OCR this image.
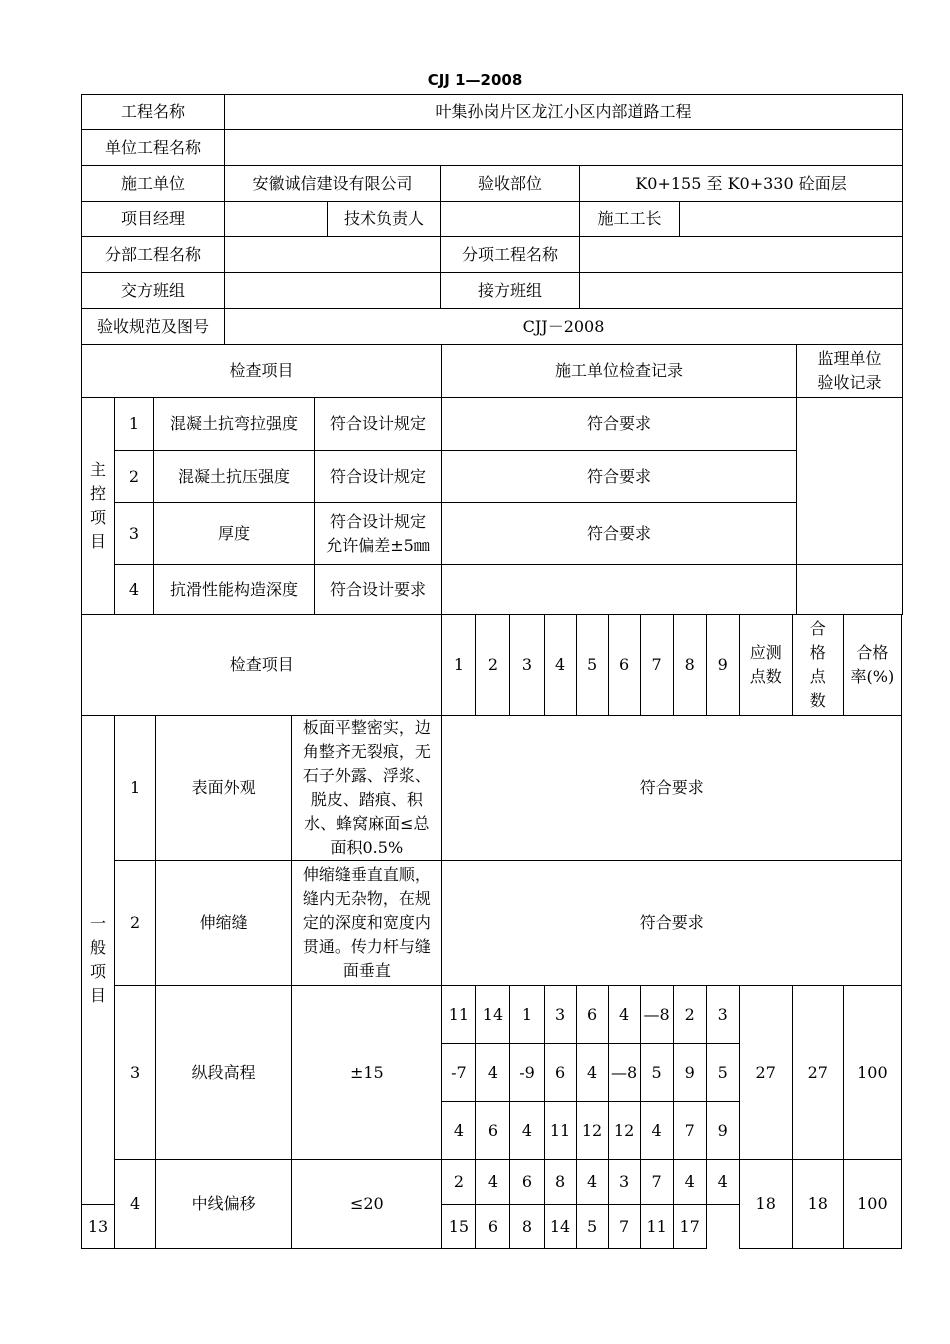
CJJ 1—2008
工程名称	叶集孙岗片区龙江小区内部道路工程				
单位工程名称					
施工单位	安徽诚信建设有限公司		验收部位	K0+155 至 K0+330 砼面层	
项目经理		技术负责人		施工工长	
分部工程名称			分项工程名称		
交方班组			接方班组		
验收规范及图号	CJJ－2008				
检查项目				施工单位检查记录	监理单位验收记录
主控项目	1	混凝土抗弯拉强度	符合设计规定	符合要求	
	2	混凝土抗压强度	符合设计规定	符合要求	
	3	厚度	符合设计规定允许偏差±5㎜	符合要求	
	4	抗滑性能构造深度	符合设计要求		
检查项目				1	2	3	4	5	6	7	8	9	应测点数	合格点数	合格率(%)
一般项目	1	表面外观	板面平整密实，边角整齐无裂痕，无石子外露、浮浆、脱皮、踏痕、积水、蜂窝麻面≤总面积0.5%	符合要求											
	2	伸缩缝	伸缩缝垂直直顺，缝内无杂物，在规定的深度和宽度内贯通。传力杆与缝面垂直	符合要求											
	3	纵段高程	±15	11	14	1	3	6	4	—8	2	3	27	27	100
				-7	4	-9	6	4	—8	5	9	5			
				4	6	4	11	12	12	4	7	9			
	4	中线偏移	≤20	2	4	6	8	4	3	7	4	4	18	18	100
13				15	6	8	14	5	7	11	17				
